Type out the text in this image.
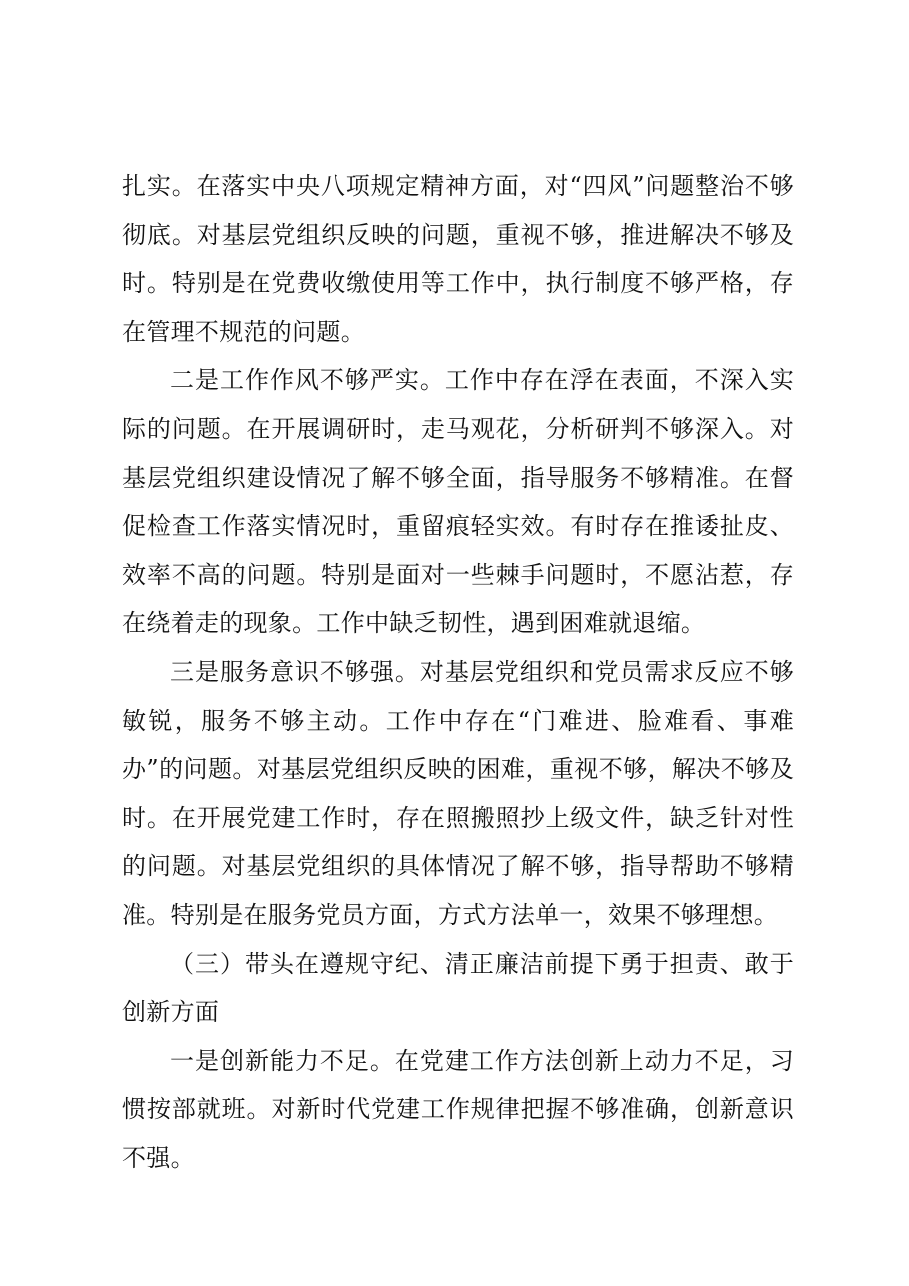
扎实。在落实中央八项规定精神方面，对“四风”问题整治不够彻底。对基层党组织反映的问题，重视不够，推进解决不够及时。特别是在党费收缴使用等工作中，执行制度不够严格，存在管理不规范的问题。

二是工作作风不够严实。工作中存在浮在表面，不深入实际的问题。在开展调研时，走马观花，分析研判不够深入。对基层党组织建设情况了解不够全面，指导服务不够精准。在督促检查工作落实情况时，重留痕轻实效。有时存在推诿扯皮、效率不高的问题。特别是面对一些棘手问题时，不愿沾惹，存在绕着走的现象。工作中缺乏韧性，遇到困难就退缩。

三是服务意识不够强。对基层党组织和党员需求反应不够敏锐，服务不够主动。工作中存在“门难进、脸难看、事难办”的问题。对基层党组织反映的困难，重视不够，解决不够及时。在开展党建工作时，存在照搬照抄上级文件，缺乏针对性的问题。对基层党组织的具体情况了解不够，指导帮助不够精准。特别是在服务党员方面，方式方法单一，效果不够理想。

（三）带头在遵规守纪、清正廉洁前提下勇于担责、敢于创新方面

一是创新能力不足。在党建工作方法创新上动力不足，习惯按部就班。对新时代党建工作规律把握不够准确，创新意识不强。
